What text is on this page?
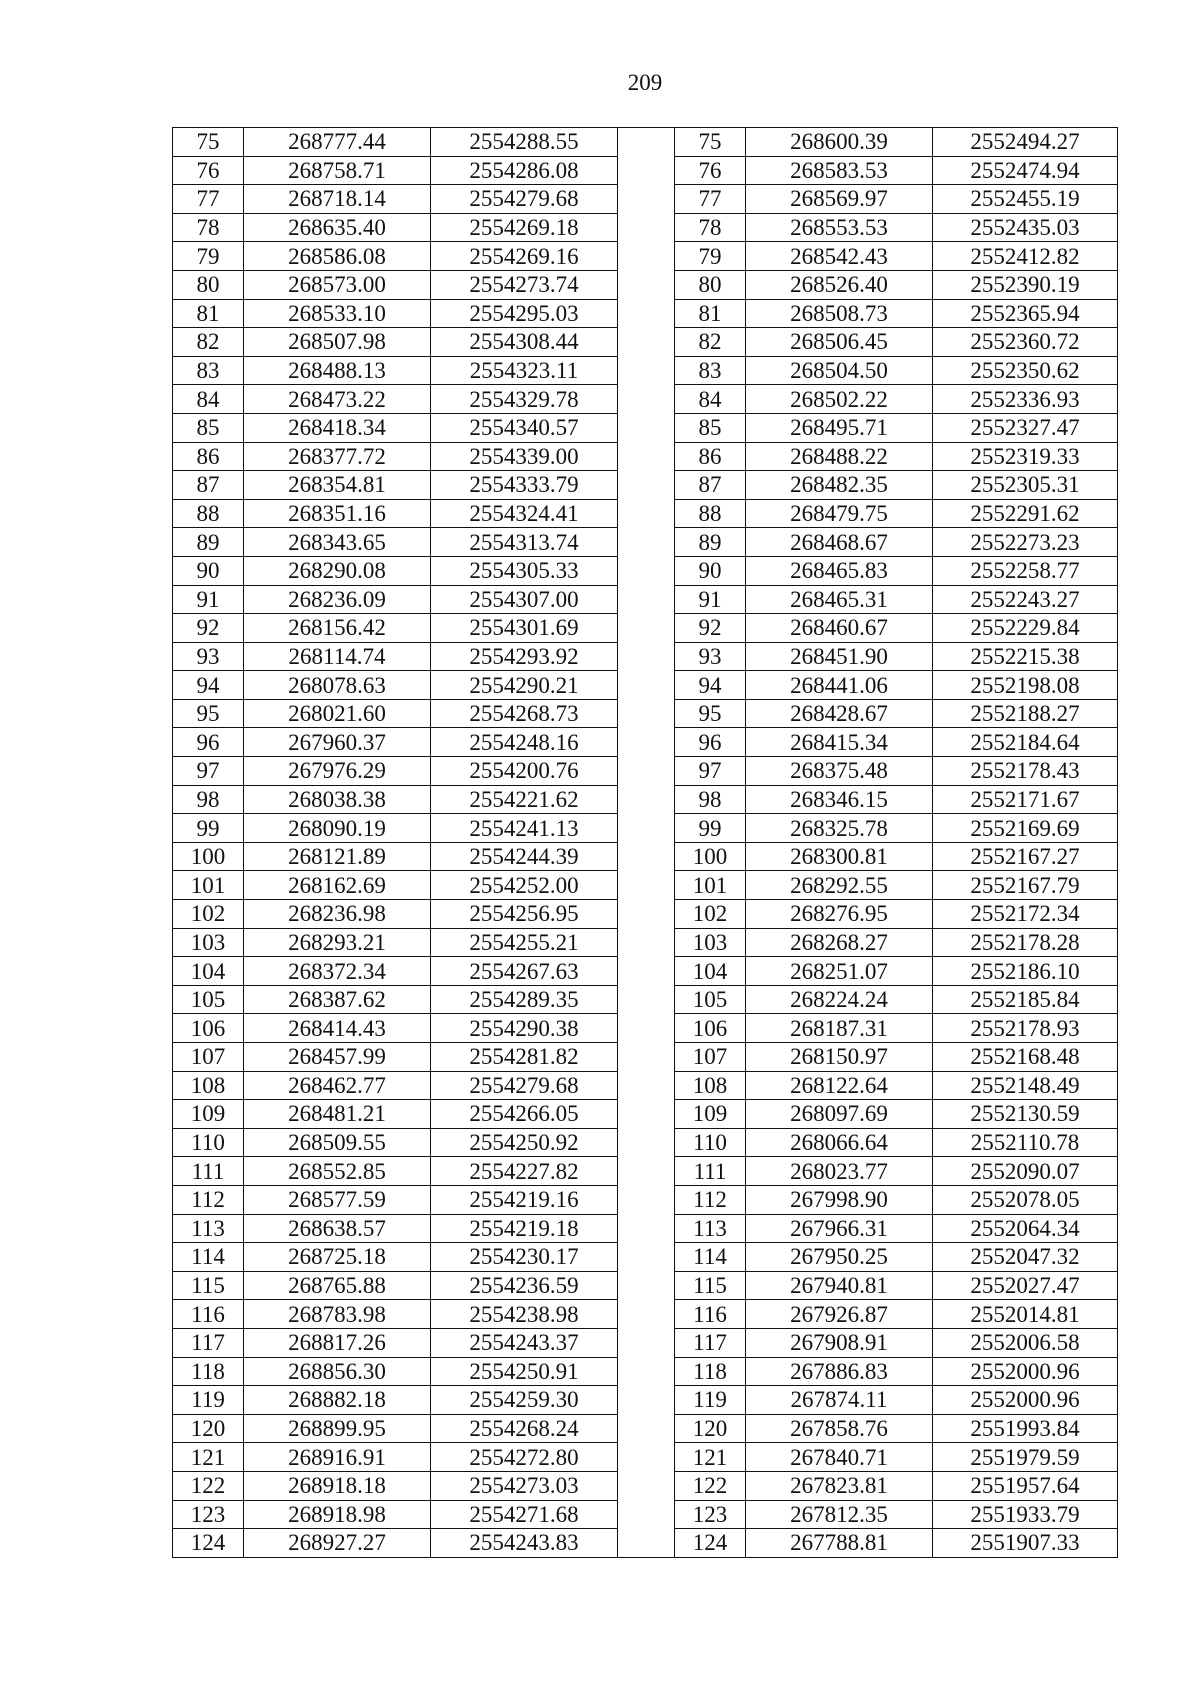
209
75	268777.44	2554288.55		75	268600.39	2552494.27
76	268758.71	2554286.08		76	268583.53	2552474.94
77	268718.14	2554279.68		77	268569.97	2552455.19
78	268635.40	2554269.18		78	268553.53	2552435.03
79	268586.08	2554269.16		79	268542.43	2552412.82
80	268573.00	2554273.74		80	268526.40	2552390.19
81	268533.10	2554295.03		81	268508.73	2552365.94
82	268507.98	2554308.44		82	268506.45	2552360.72
83	268488.13	2554323.11		83	268504.50	2552350.62
84	268473.22	2554329.78		84	268502.22	2552336.93
85	268418.34	2554340.57		85	268495.71	2552327.47
86	268377.72	2554339.00		86	268488.22	2552319.33
87	268354.81	2554333.79		87	268482.35	2552305.31
88	268351.16	2554324.41		88	268479.75	2552291.62
89	268343.65	2554313.74		89	268468.67	2552273.23
90	268290.08	2554305.33		90	268465.83	2552258.77
91	268236.09	2554307.00		91	268465.31	2552243.27
92	268156.42	2554301.69		92	268460.67	2552229.84
93	268114.74	2554293.92		93	268451.90	2552215.38
94	268078.63	2554290.21		94	268441.06	2552198.08
95	268021.60	2554268.73		95	268428.67	2552188.27
96	267960.37	2554248.16		96	268415.34	2552184.64
97	267976.29	2554200.76		97	268375.48	2552178.43
98	268038.38	2554221.62		98	268346.15	2552171.67
99	268090.19	2554241.13		99	268325.78	2552169.69
100	268121.89	2554244.39		100	268300.81	2552167.27
101	268162.69	2554252.00		101	268292.55	2552167.79
102	268236.98	2554256.95		102	268276.95	2552172.34
103	268293.21	2554255.21		103	268268.27	2552178.28
104	268372.34	2554267.63		104	268251.07	2552186.10
105	268387.62	2554289.35		105	268224.24	2552185.84
106	268414.43	2554290.38		106	268187.31	2552178.93
107	268457.99	2554281.82		107	268150.97	2552168.48
108	268462.77	2554279.68		108	268122.64	2552148.49
109	268481.21	2554266.05		109	268097.69	2552130.59
110	268509.55	2554250.92		110	268066.64	2552110.78
111	268552.85	2554227.82		111	268023.77	2552090.07
112	268577.59	2554219.16		112	267998.90	2552078.05
113	268638.57	2554219.18		113	267966.31	2552064.34
114	268725.18	2554230.17		114	267950.25	2552047.32
115	268765.88	2554236.59		115	267940.81	2552027.47
116	268783.98	2554238.98		116	267926.87	2552014.81
117	268817.26	2554243.37		117	267908.91	2552006.58
118	268856.30	2554250.91		118	267886.83	2552000.96
119	268882.18	2554259.30		119	267874.11	2552000.96
120	268899.95	2554268.24		120	267858.76	2551993.84
121	268916.91	2554272.80		121	267840.71	2551979.59
122	268918.18	2554273.03		122	267823.81	2551957.64
123	268918.98	2554271.68		123	267812.35	2551933.79
124	268927.27	2554243.83		124	267788.81	2551907.33
